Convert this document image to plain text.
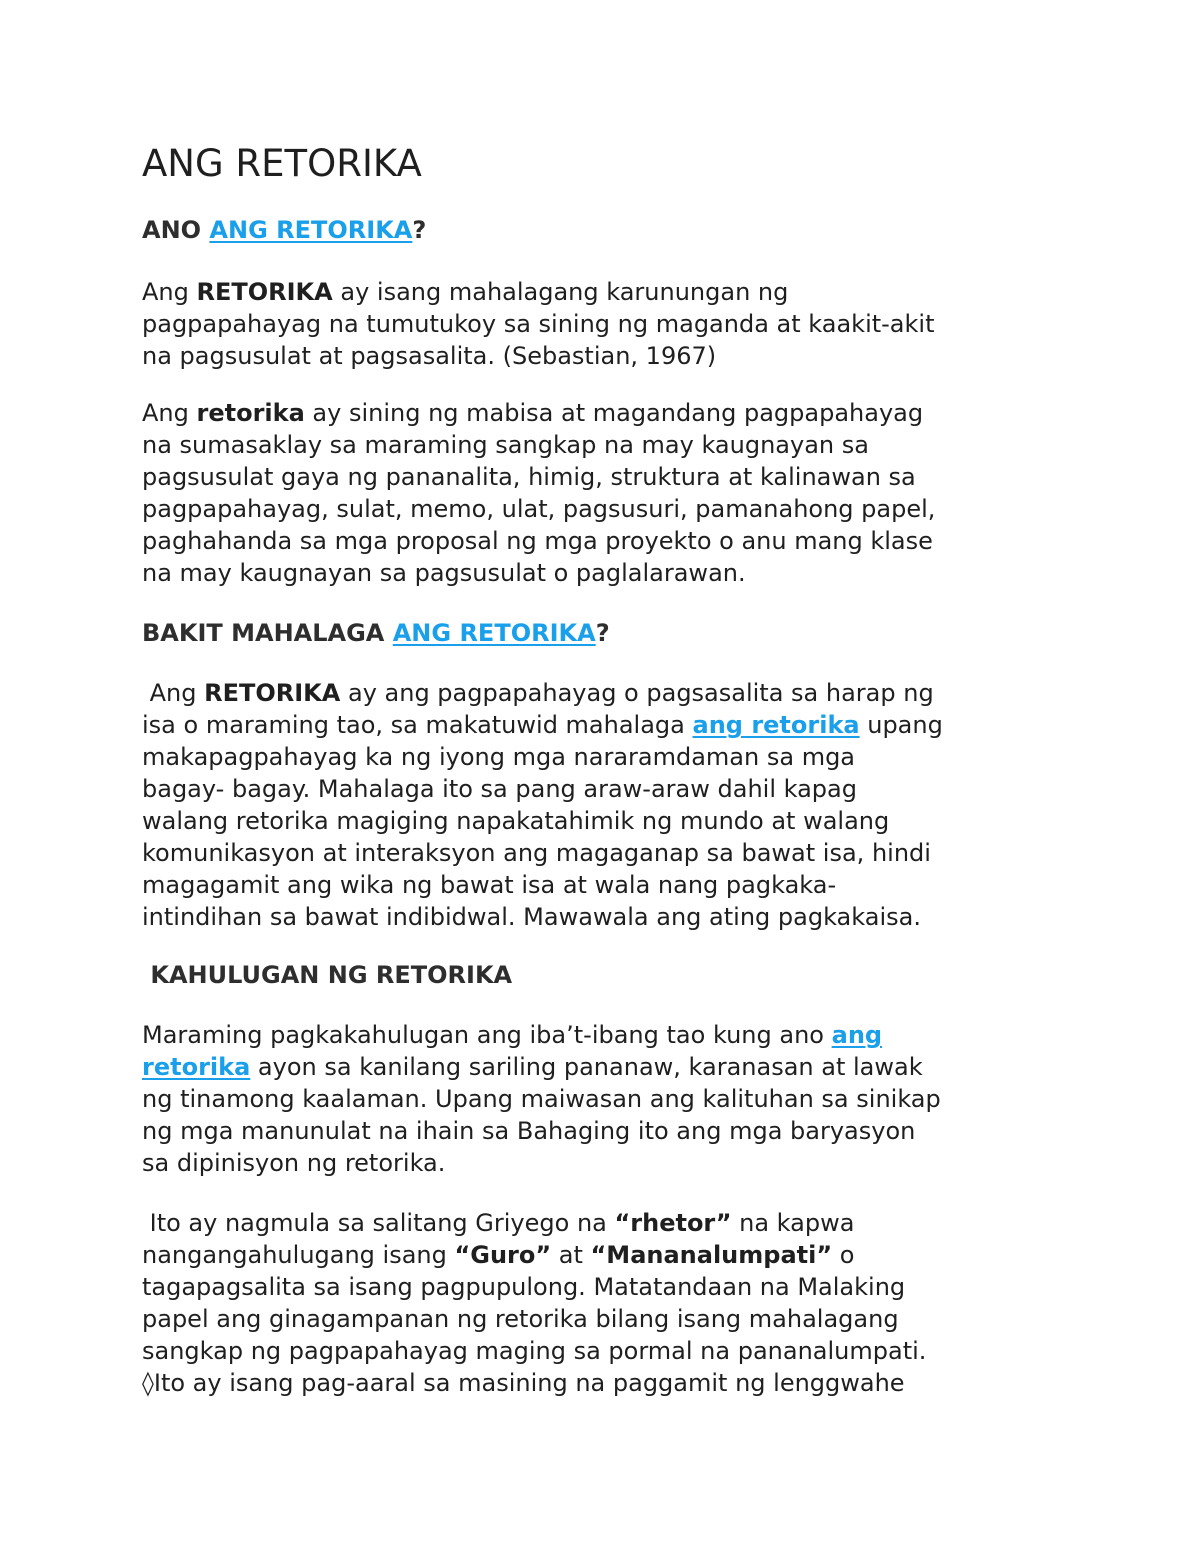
ANG RETORIKA
ANO ANG RETORIKA?

Ang RETORIKA ay isang mahalagang karunungan ng
pagpapahayag na tumutukoy sa sining ng maganda at kaakit-akit
na pagsusulat at pagsasalita. (Sebastian, 1967)

Ang retorika ay sining ng mabisa at magandang pagpapahayag
na sumasaklay sa maraming sangkap na may kaugnayan sa
pagsusulat gaya ng pananalita, himig, struktura at kalinawan sa
pagpapahayag, sulat, memo, ulat, pagsusuri, pamanahong papel,
paghahanda sa mga proposal ng mga proyekto o anu mang klase
na may kaugnayan sa pagsusulat o paglalarawan.

BAKIT MAHALAGA ANG RETORIKA?

Ang RETORIKA ay ang pagpapahayag o pagsasalita sa harap ng
isa o maraming tao, sa makatuwid mahalaga ang retorika upang
makapagpahayag ka ng iyong mga nararamdaman sa mga
bagay- bagay. Mahalaga ito sa pang araw-araw dahil kapag
walang retorika magiging napakatahimik ng mundo at walang
komunikasyon at interaksyon ang magaganap sa bawat isa, hindi
magagamit ang wika ng bawat isa at wala nang pagkaka-
intindihan sa bawat indibidwal. Mawawala ang ating pagkakaisa.

KAHULUGAN NG RETORIKA

Maraming pagkakahulugan ang iba’t-ibang tao kung ano ang
retorika ayon sa kanilang sariling pananaw, karanasan at lawak
ng tinamong kaalaman. Upang maiwasan ang kalituhan sa sinikap
ng mga manunulat na ihain sa Bahaging ito ang mga baryasyon
sa dipinisyon ng retorika.

Ito ay nagmula sa salitang Griyego na “rhetor” na kapwa
nangangahulugang isang “Guro” at “Mananalumpati” o
tagapagsalita sa isang pagpupulong. Matatandaan na Malaking
papel ang ginagampanan ng retorika bilang isang mahalagang
sangkap ng pagpapahayag maging sa pormal na pananalumpati.
◊Ito ay isang pag-aaral sa masining na paggamit ng lenggwahe
